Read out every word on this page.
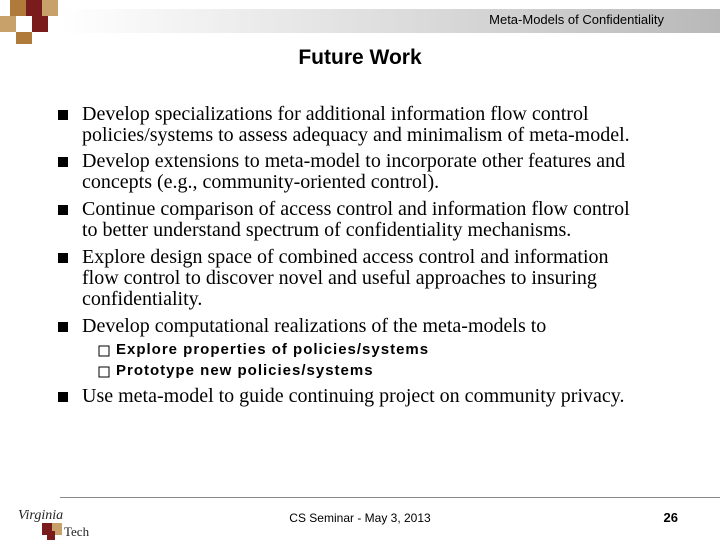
Meta-Models of Confidentiality
Future Work
Develop specializations for additional information flow control
policies/systems to assess adequacy and minimalism of meta-model.
Develop extensions to meta-model to incorporate other features and
concepts (e.g., community-oriented control).
Continue comparison of access control and information flow control
to better understand spectrum of confidentiality mechanisms.
Explore design space of combined access control and information
flow control to discover novel and useful approaches to insuring
confidentiality.
Develop computational realizations of the meta-models to
Explore properties of policies/systems
Prototype new policies/systems
Use meta-model to guide continuing project on community privacy.
Virginia
Tech
CS Seminar - May 3, 2013	26
